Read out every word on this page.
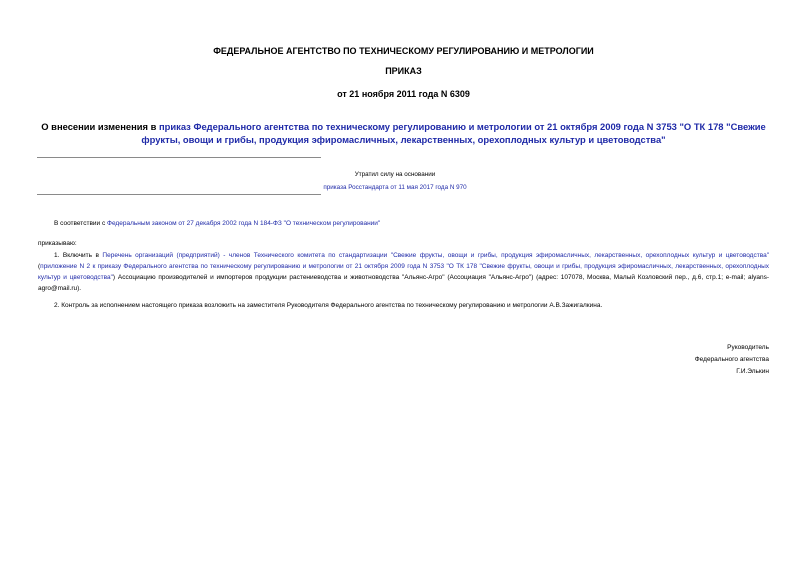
ФЕДЕРАЛЬНОЕ АГЕНТСТВО ПО ТЕХНИЧЕСКОМУ РЕГУЛИРОВАНИЮ И МЕТРОЛОГИИ
ПРИКАЗ
от 21 ноября 2011 года N 6309
О внесении изменения в приказ Федерального агентства по техническому регулированию и метрологии от 21 октября 2009 года N 3753 "О ТК 178 "Свежие фрукты, овощи и грибы, продукция эфиромасличных, лекарственных, орехоплодных культур и цветоводства"
Утратил силу на основании
приказа Росстандарта от 11 мая 2017 года N 970
В соответствии с Федеральным законом от 27 декабря 2002 года N 184-ФЗ "О техническом регулировании"
приказываю:
1. Включить в Перечень организаций (предприятий) - членов Технического комитета по стандартизации "Свежие фрукты, овощи и грибы, продукция эфиромасличных, лекарственных, орехоплодных культур и цветоводства" (приложение N 2 к приказу Федерального агентства по техническому регулированию и метрологии от 21 октября 2009 года N 3753 "О ТК 178 "Свежие фрукты, овощи и грибы, продукция эфиромасличных, лекарственных, орехоплодных культур и цветоводства") Ассоциацию производителей и импортеров продукции растениеводства и животноводства "Альянс-Агро" (Ассоциация "Альянс-Агро") (адрес: 107078, Москва, Малый Козловский пер., д.6, стр.1; e-mail; alyans-agro@mail.ru).
2. Контроль за исполнением настоящего приказа возложить на заместителя Руководителя Федерального агентства по техническому регулированию и метрологии А.В.Зажигалкина.
Руководитель
Федерального агентства
Г.И.Элькин
